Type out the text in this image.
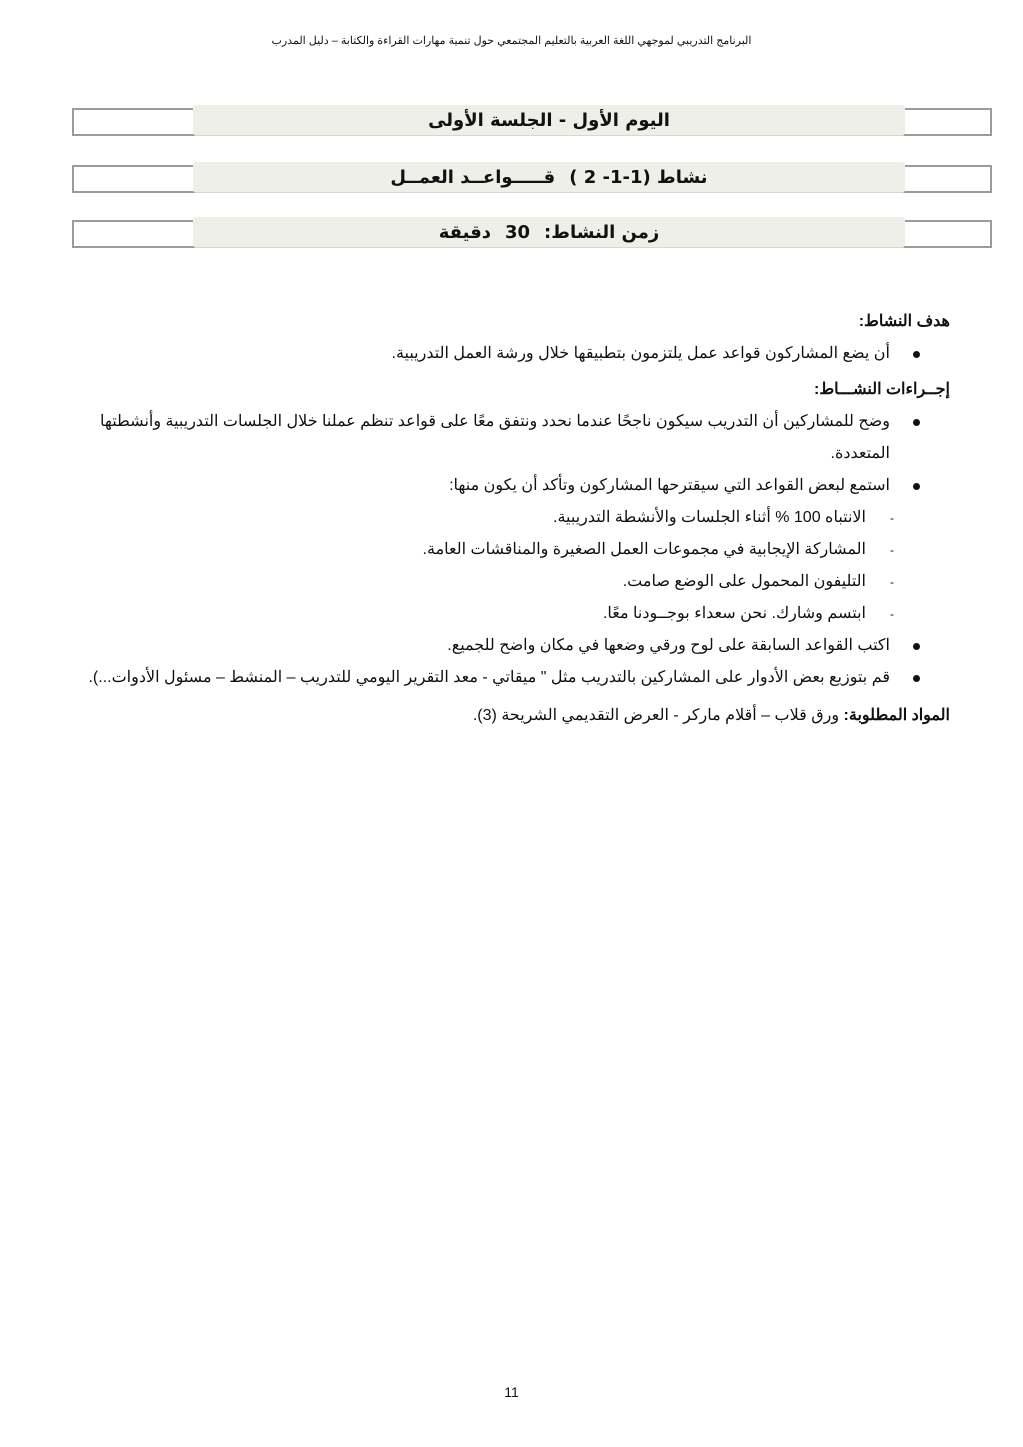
البرنامج التدريبي لموجهي اللغة العربية بالتعليم المجتمعي حول تنمية مهارات القراءة والكتابة – دليل المدرب
اليوم الأول - الجلسة الأولى
نشاط (1-1- 2 )
قـــــواعــد العمــل
زمن النشاط:
30
دقيقة
هدف النشاط:
أن يضع المشاركون قواعد عمل يلتزمون بتطبيقها خلال ورشة العمل التدريبية.
إجــراءات النشـــاط:
وضح للمشاركين أن التدريب سيكون ناجحًا عندما نحدد ونتفق معًا على قواعد تنظم عملنا خلال الجلسات التدريبية وأنشطتها المتعددة.
استمع لبعض القواعد التي سيقترحها المشاركون وتأكد أن يكون منها:
-
الانتباه 100 % أثناء الجلسات والأنشطة التدريبية.
-
المشاركة الإيجابية في مجموعات العمل الصغيرة والمناقشات العامة.
-
التليفون المحمول على الوضع صامت.
-
ابتسم وشارك. نحن سعداء بوجــودنا معًا.
اكتب القواعد السابقة على لوح ورقي وضعها في مكان واضح للجميع.
قم بتوزيع بعض الأدوار على المشاركين بالتدريب مثل " ميقاتي - معد التقرير اليومي للتدريب – المنشط – مسئول الأدوات...).
المواد المطلوبة: ورق قلاب – أقلام ماركر - العرض التقديمي الشريحة (3).
11
